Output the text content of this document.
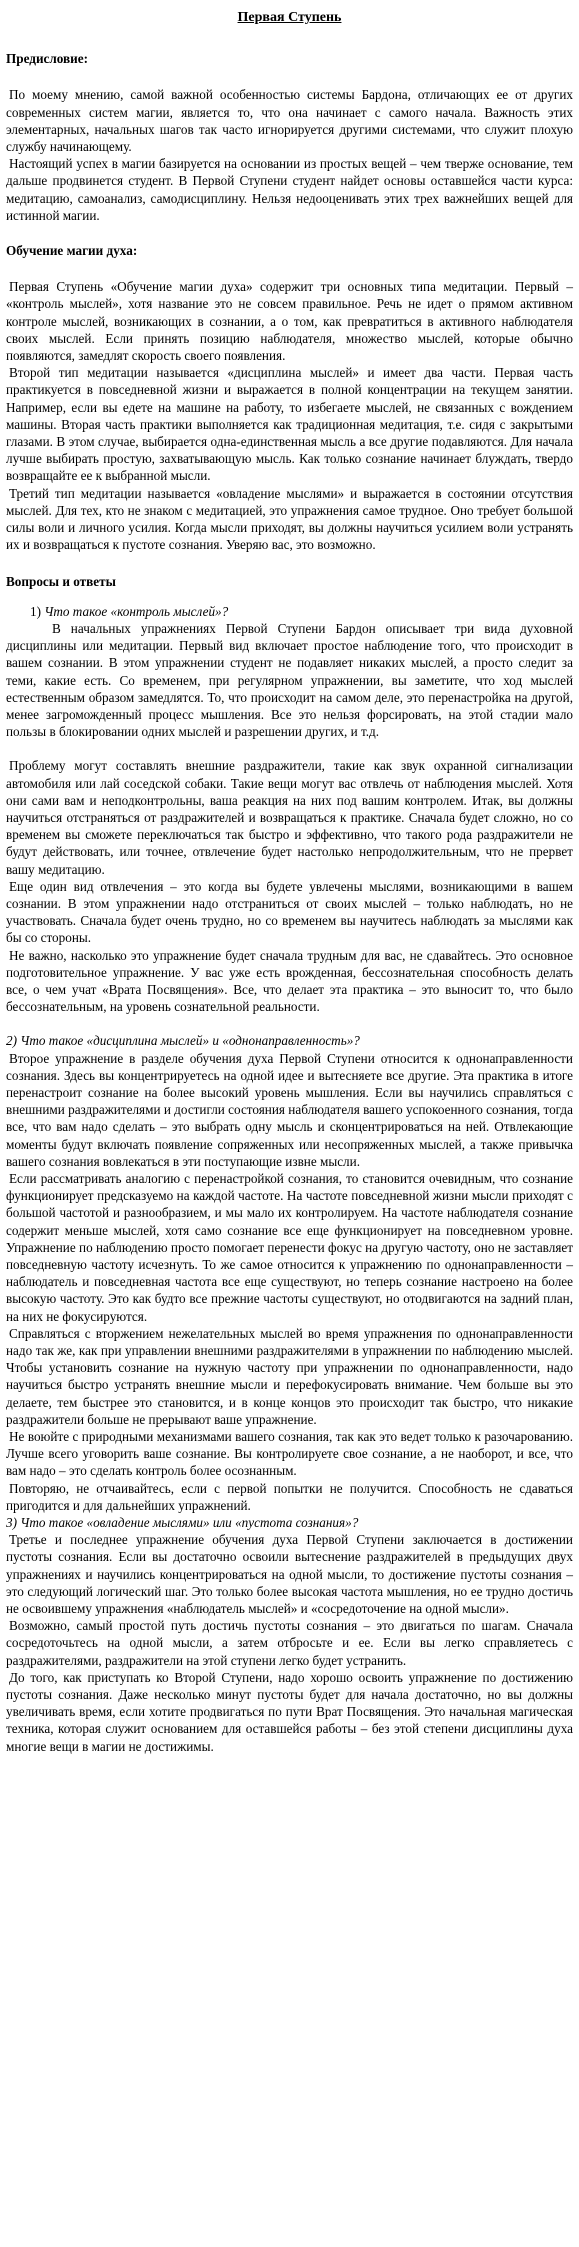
Первая Ступень
Предисловие:

По моему мнению, самой важной особенностью системы Бардона, отличающих ее от других современных систем магии, является то, что она начинает с самого начала. Важность этих элементарных, начальных шагов так часто игнорируется другими системами, что служит плохую службу начинающему.

Настоящий успех в магии базируется на основании из простых вещей – чем тверже основание, тем дальше продвинется студент. В Первой Ступени студент найдет основы оставшейся части курса: медитацию, самоанализ, самодисциплину. Нельзя недооценивать этих трех важнейших вещей для истинной магии.

Обучение магии духа:

Первая Ступень «Обучение магии духа» содержит три основных типа медитации. Первый – «контроль мыслей», хотя название это не совсем правильное. Речь не идет о прямом активном контроле мыслей, возникающих в сознании, а о том, как превратиться в активного наблюдателя своих мыслей. Если принять позицию наблюдателя, множество мыслей, которые обычно появляются, замедлят скорость своего появления.

Второй тип медитации называется «дисциплина мыслей» и имеет два части. Первая часть практикуется в повседневной жизни и выражается в полной концентрации на текущем занятии. Например, если вы едете на машине на работу, то избегаете мыслей, не связанных с вождением машины. Вторая часть практики выполняется как традиционная медитация, т.е. сидя с закрытыми глазами. В этом случае, выбирается одна-единственная мысль а все другие подавляются. Для начала лучше выбирать простую, захватывающую мысль. Как только сознание начинает блуждать, твердо возвращайте ее к выбранной мысли.

Третий тип медитации называется «овладение мыслями» и выражается в состоянии отсутствия мыслей. Для тех, кто не знаком с медитацией, это упражнения самое трудное. Оно требует большой силы воли и личного усилия. Когда мысли приходят, вы должны научиться усилием воли устранять их и возвращаться к пустоте сознания. Уверяю вас, это возможно.

Вопросы и ответы

1) Что такое «контроль мыслей»?

В начальных упражнениях Первой Ступени Бардон описывает три вида духовной дисциплины или медитации. Первый вид включает простое наблюдение того, что происходит в вашем сознании. В этом упражнении студент не подавляет никаких мыслей, а просто следит за теми, какие есть. Со временем, при регулярном упражнении, вы заметите, что ход мыслей естественным образом замедлятся. То, что происходит на самом деле, это перенастройка на другой, менее загроможденный процесс мышления. Все это нельзя форсировать, на этой стадии мало пользы в блокировании одних мыслей и разрешении других, и т.д.

Проблему могут составлять внешние раздражители, такие как звук охранной сигнализации автомобиля или лай соседской собаки. Такие вещи могут вас отвлечь от наблюдения мыслей. Хотя они сами вам и неподконтрольны, ваша реакция на них под вашим контролем. Итак, вы должны научиться отстраняться от раздражителей и возвращаться к практике. Сначала будет сложно, но со временем вы сможете переключаться так быстро и эффективно, что такого рода раздражители не будут действовать, или точнее, отвлечение будет настолько непродолжительным, что не прервет вашу медитацию.

Еще один вид отвлечения – это когда вы будете увлечены мыслями, возникающими в вашем сознании. В этом упражнении надо отстраниться от своих мыслей – только наблюдать, но не участвовать. Сначала будет очень трудно, но со временем вы научитесь наблюдать за мыслями как бы со стороны.

Не важно, насколько это упражнение будет сначала трудным для вас, не сдавайтесь. Это основное подготовительное упражнение. У вас уже есть врожденная, бессознательная способность делать все, о чем учат «Врата Посвящения». Все, что делает эта практика – это выносит то, что было бессознательным, на уровень сознательной реальности.

2) Что такое «дисциплина мыслей» и «однонаправленность»?

Второе упражнение в разделе обучения духа Первой Ступени относится к однонаправленности сознания. Здесь вы концентрируетесь на одной идее и вытесняете все другие. Эта практика в итоге перенастроит сознание на более высокий уровень мышления. Если вы научились справляться с внешними раздражителями и достигли состояния наблюдателя вашего успокоенного сознания, тогда все, что вам надо сделать – это выбрать одну мысль и сконцентрироваться на ней. Отвлекающие моменты будут включать появление сопряженных или несопряженных мыслей, а также привычка вашего сознания вовлекаться в эти поступающие извне мысли.

Если рассматривать аналогию с перенастройкой сознания, то становится очевидным, что сознание функционирует предсказуемо на каждой частоте. На частоте повседневной жизни мысли приходят с большой частотой и разнообразием, и мы мало их контролируем. На частоте наблюдателя сознание содержит меньше мыслей, хотя само сознание все еще функционирует на повседневном уровне. Упражнение по наблюдению просто помогает перенести фокус на другую частоту, оно не заставляет повседневную частоту исчезнуть. То же самое относится к упражнению по однонаправленности – наблюдатель и повседневная частота все еще существуют, но теперь сознание настроено на более высокую частоту. Это как будто все прежние частоты существуют, но отодвигаются на задний план, на них не фокусируются.

Справляться с вторжением нежелательных мыслей во время упражнения по однонаправленности надо так же, как при управлении внешними раздражителями в упражнении по наблюдению мыслей. Чтобы установить сознание на нужную частоту при упражнении по однонаправленности, надо научиться быстро устранять внешние мысли и перефокусировать внимание. Чем больше вы это делаете, тем быстрее это становится, и в конце концов это происходит так быстро, что никакие раздражители больше не прерывают ваше упражнение.

Не воюйте с природными механизмами вашего сознания, так как это ведет только к разочарованию. Лучше всего уговорить ваше сознание. Вы контролируете свое сознание, а не наоборот, и все, что вам надо – это сделать контроль более осознанным.

Повторяю, не отчаивайтесь, если с первой попытки не получится. Способность не сдаваться пригодится и для дальнейших упражнений.

3) Что такое «овладение мыслями» или «пустота сознания»?

Третье и последнее упражнение обучения духа Первой Ступени заключается в достижении пустоты сознания. Если вы достаточно освоили вытеснение раздражителей в предыдущих двух упражнениях и научились концентрироваться на одной мысли, то достижение пустоты сознания – это следующий логический шаг. Это только более высокая частота мышления, но ее трудно достичь не освоившему упражнения «наблюдатель мыслей» и «сосредоточение на одной мысли».

Возможно, самый простой путь достичь пустоты сознания – это двигаться по шагам. Сначала сосредоточьтесь на одной мысли, а затем отбросьте и ее. Если вы легко справляетесь с раздражителями, раздражители на этой ступени легко будет устранить.

До того, как приступать ко Второй Ступени, надо хорошо освоить упражнение по достижению пустоты сознания. Даже несколько минут пустоты будет для начала достаточно, но вы должны увеличивать время, если хотите продвигаться по пути Врат Посвящения. Это начальная магическая техника, которая служит основанием для оставшейся работы – без этой степени дисциплины духа многие вещи в магии не достижимы.
